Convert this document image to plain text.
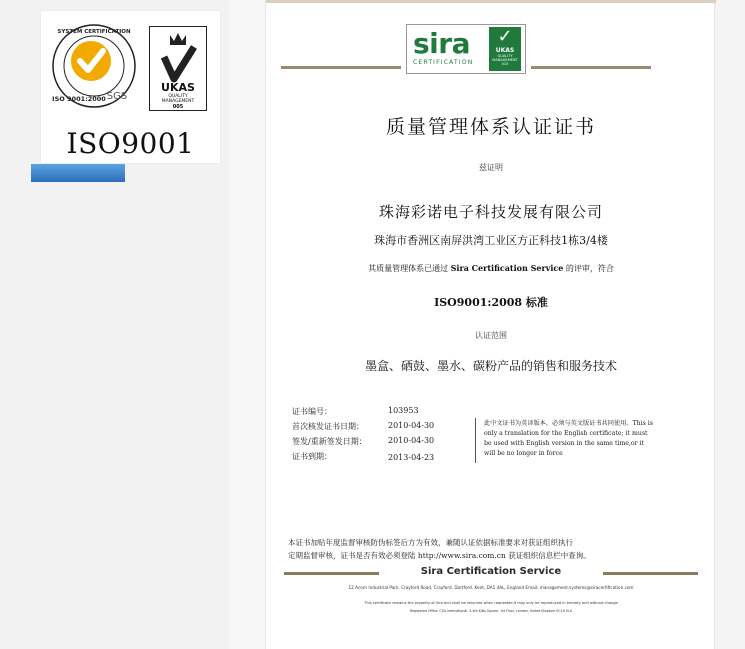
SYSTEM CERTIFICATION
ISO 9001:2000 SGS
UKAS
QUALITY
MANAGEMENT
005
ISO9001
sira
CERTIFICATION
✓
UKAS
QUALITY MANAGEMENT
015
质量管理体系认证证书
兹证明
珠海彩诺电子科技发展有限公司
珠海市香洲区南屏洪湾工业区方正科技1栋3/4楼
其质量管理体系已通过 Sira Certification Service 的评审，符合
ISO9001:2008 标准
认证范围
墨盒、硒鼓、墨水、碳粉产品的销售和服务技术
证书编号：	103953
首次核发证书日期：	2010-04-30
签发/重新签发日期：	2010-04-30
证书到期：	2013-04-23
此中文证书为英译版本，必须与英文版证书共同使用。This is only a translation for the English certificate; it must be used with English version in the same time,or it will be no longer in force
本证书加贴年度监督审核防伪标签后方为有效，兼随认证依据标准要求对获证组织执行
定期监督审核，证书是否有效必须登陆 http://www.sira.com.cn 获证组织信息栏中查询。
Sira Certification Service
12 Acorn Industrial Park, Crayford Road, Crayford, Dartford, Kent, DA1 4AL, England Email: management.systems@siracertification.com
This certificate remains the property of Sira and shall be returned when requested.It may only be reproduced in entirety and without change
Registered Office: CSA International, 3-4th Kitts Square, 1st Floor, London, United Kingdom EC1H 0LU
